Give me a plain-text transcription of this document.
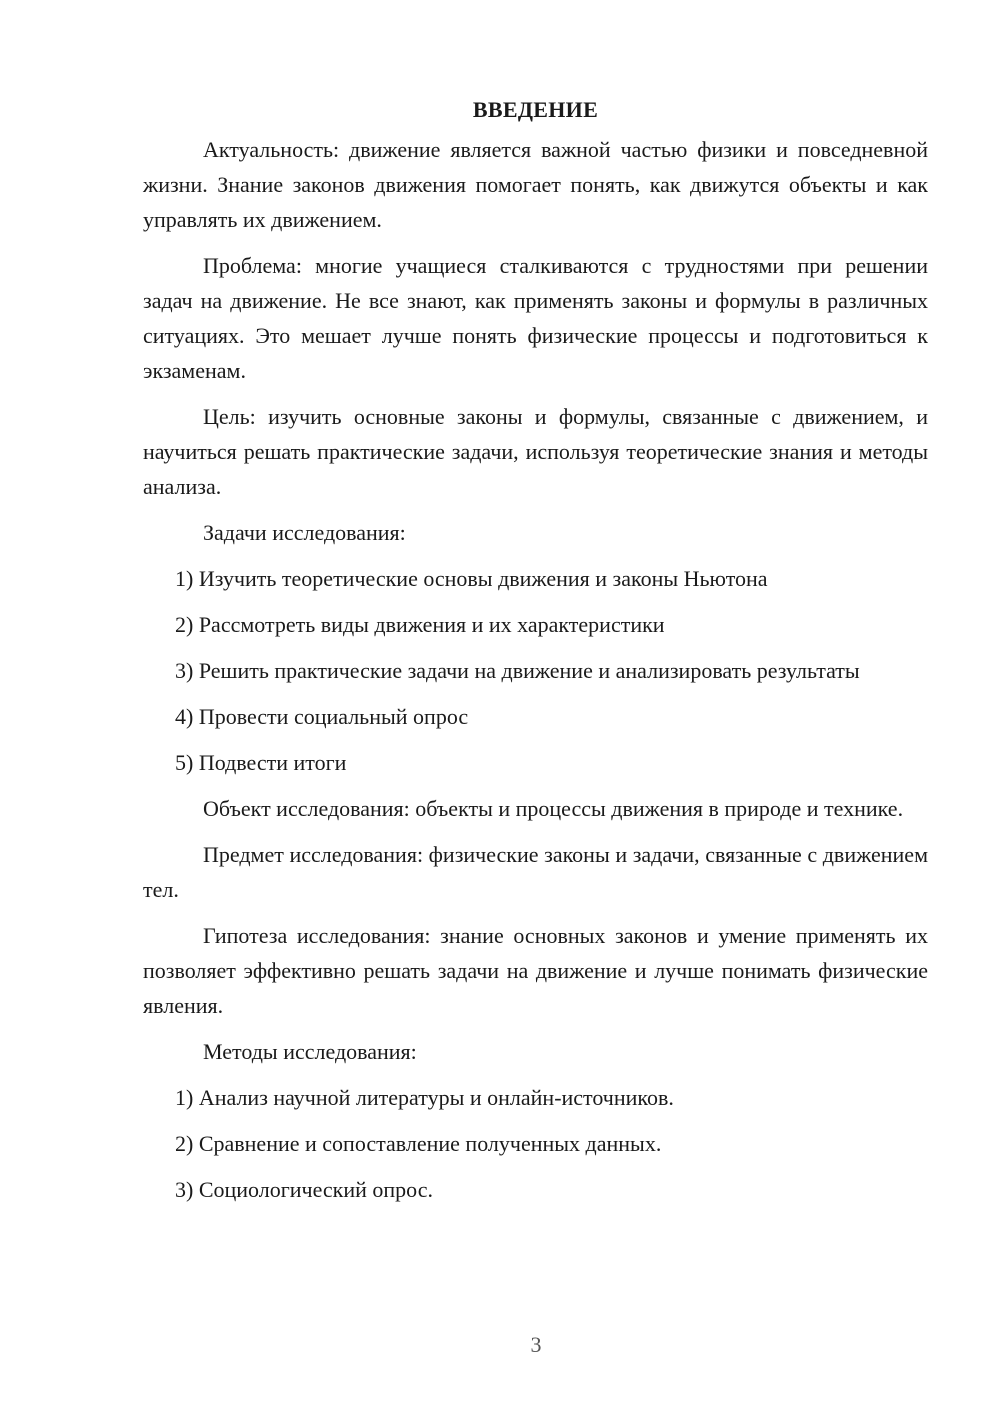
ВВЕДЕНИЕ

Актуальность: движение является важной частью физики и повседневной жизни. Знание законов движения помогает понять, как движутся объекты и как управлять их движением.

Проблема: многие учащиеся сталкиваются с трудностями при решении задач на движение. Не все знают, как применять законы и формулы в различных ситуациях. Это мешает лучше понять физические процессы и подготовиться к экзаменам.

Цель: изучить основные законы и формулы, связанные с движением, и научиться решать практические задачи, используя теоретические знания и методы анализа.

Задачи исследования:

1) Изучить теоретические основы движения и законы Ньютона

2) Рассмотреть виды движения и их характеристики

3) Решить практические задачи на движение и анализировать результаты

4) Провести социальный опрос

5) Подвести итоги

Объект исследования: объекты и процессы движения в природе и технике.

Предмет исследования: физические законы и задачи, связанные с движением тел.

Гипотеза исследования: знание основных законов и умение применять их позволяет эффективно решать задачи на движение и лучше понимать физические явления.

Методы исследования:

1) Анализ научной литературы и онлайн-источников.

2) Сравнение и сопоставление полученных данных.

3) Социологический опрос.

3
